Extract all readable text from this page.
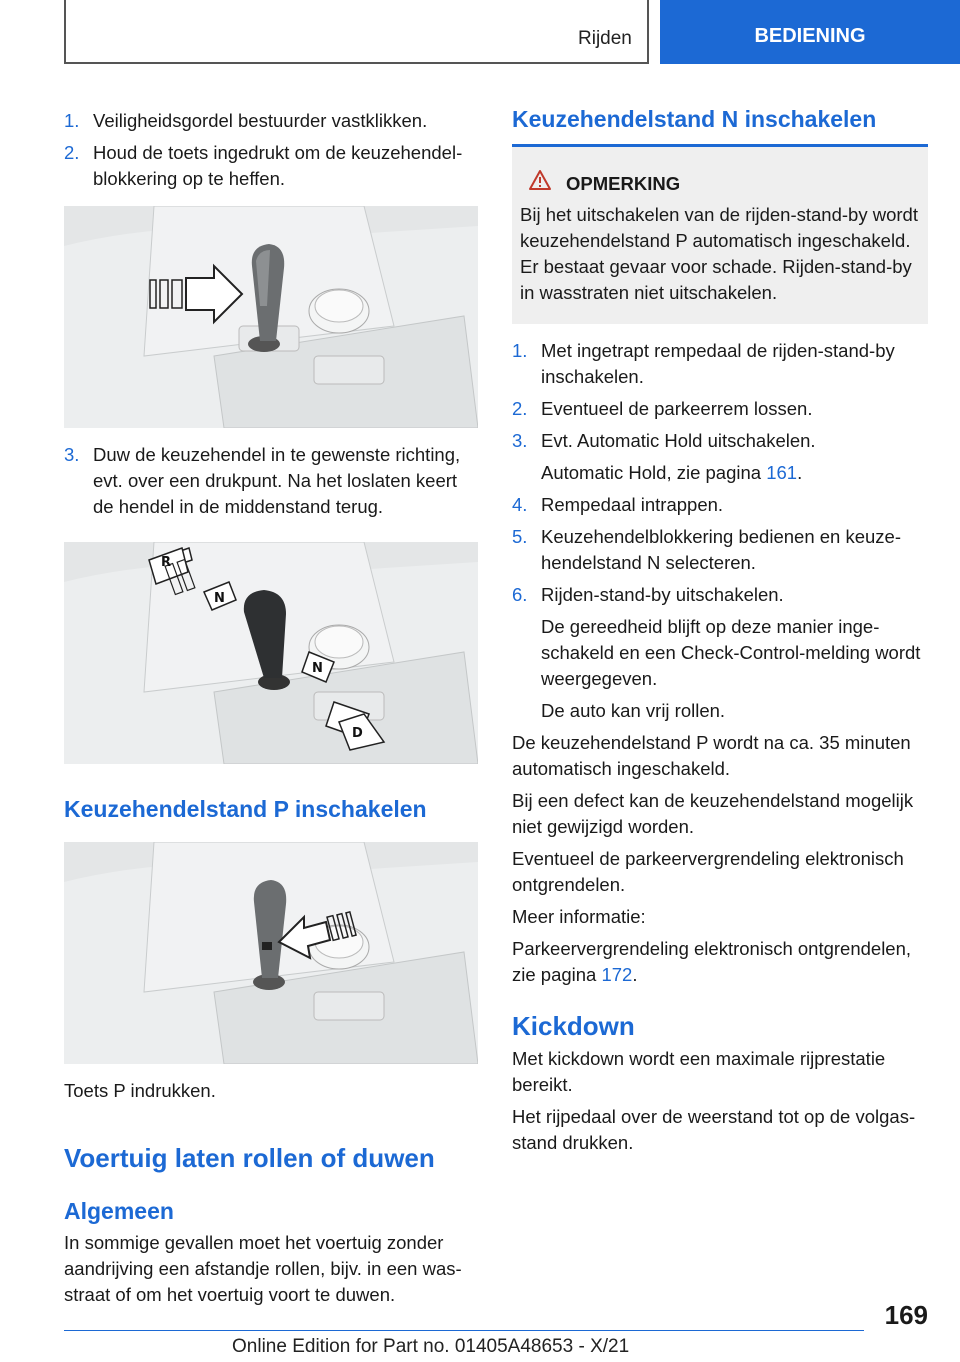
Rijden	BEDIENING
1. Veiligheidsgordel bestuurder vastklikken.
2. Houd de toets ingedrukt om de keuzehendelblokkering op te heffen.
3. Duw de keuzehendel in te gewenste richting, evt. over een drukpunt. Na het loslaten keert de hendel in de middenstand terug.
R
N
N
D
Keuzehendelstand P inschakelen
Toets P indrukken.
Voertuig laten rollen of duwen
Algemeen
In sommige gevallen moet het voertuig zonder aandrijving een afstandje rollen, bijv. in een wasstraat of om het voertuig voort te duwen.
Keuzehendelstand N inschakelen
OPMERKING
Bij het uitschakelen van de rijden-stand-by wordt keuzehendelstand P automatisch ingeschakeld. Er bestaat gevaar voor schade. Rijden-stand-by in wasstraten niet uitschakelen.
1. Met ingetrapt rempedaal de rijden-stand-by inschakelen.
2. Eventueel de parkeerrem lossen.
3. Evt. Automatic Hold uitschakelen.
Automatic Hold, zie pagina 161.
4. Rempedaal intrappen.
5. Keuzehendelblokkering bedienen en keuzehendelstand N selecteren.
6. Rijden-stand-by uitschakelen.
De gereedheid blijft op deze manier ingeschakeld en een Check-Control-melding wordt weergegeven.
De auto kan vrij rollen.
De keuzehendelstand P wordt na ca. 35 minuten automatisch ingeschakeld.
Bij een defect kan de keuzehendelstand mogelijk niet gewijzigd worden.
Eventueel de parkeervergrendeling elektronisch ontgrendelen.
Meer informatie:
Parkeervergrendeling elektronisch ontgrendelen, zie pagina 172.
Kickdown
Met kickdown wordt een maximale rijprestatie bereikt.
Het rijpedaal over de weerstand tot op de volgasstand drukken.
169
Online Edition for Part no. 01405A48653 - X/21
